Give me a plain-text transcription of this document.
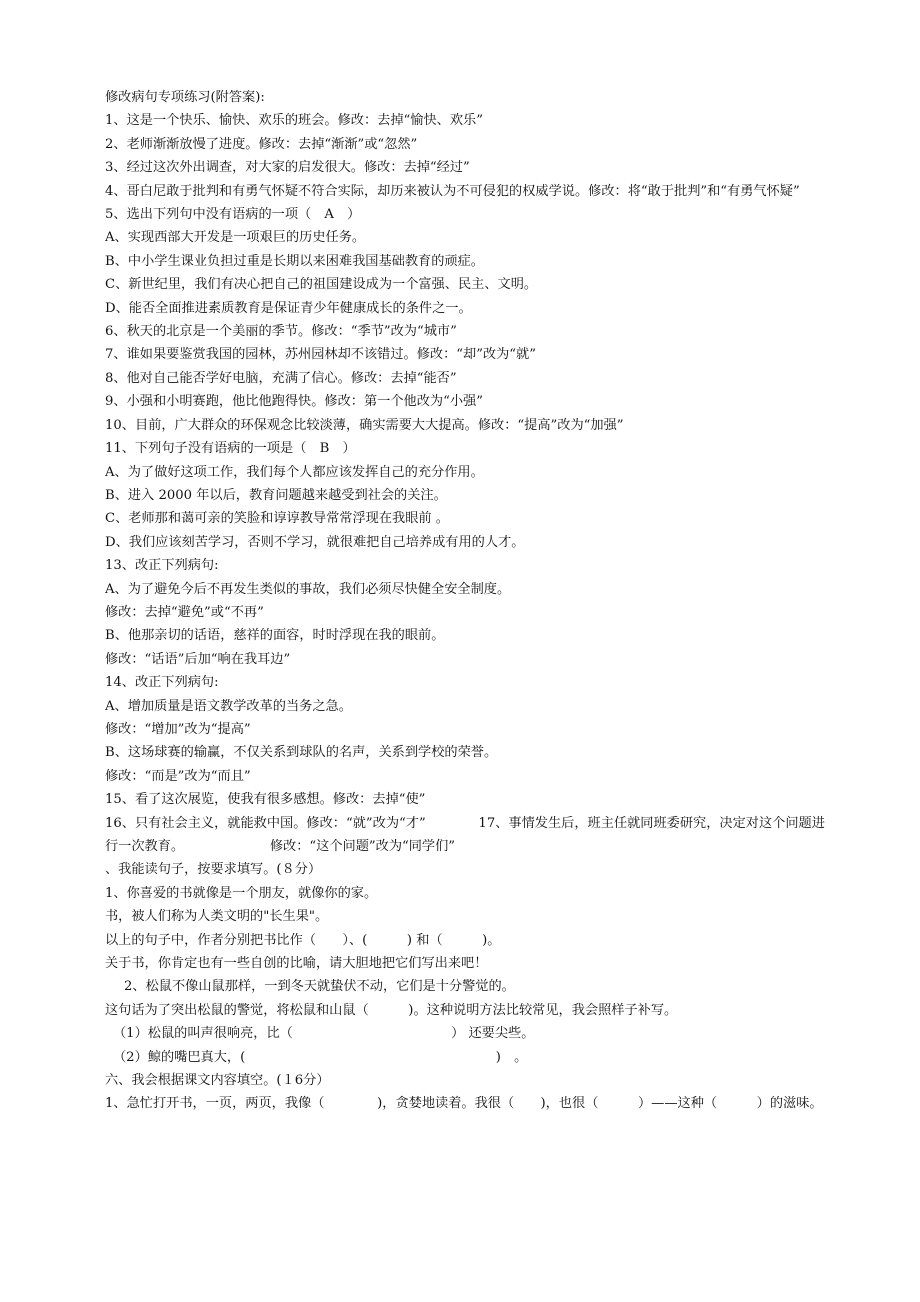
修改病句专项练习(附答案):

1、这是一个快乐、愉快、欢乐的班会。修改：去掉“愉快、欢乐”

2、老师渐渐放慢了进度。修改：去掉“渐渐”或“忽然”

3、经过这次外出调查，对大家的启发很大。修改：去掉“经过”

4、哥白尼敢于批判和有勇气怀疑不符合实际，却历来被认为不可侵犯的权威学说。修改：将“敢于批判”和“有勇气怀疑”

5、选出下列句中没有语病的一项（　A　）

A、实现西部大开发是一项艰巨的历史任务。

B、中小学生课业负担过重是长期以来困难我国基础教育的顽症。

C、新世纪里，我们有决心把自己的祖国建设成为一个富强、民主、文明。

D、能否全面推进素质教育是保证青少年健康成长的条件之一。

6、秋天的北京是一个美丽的季节。修改：“季节”改为“城市”

7、谁如果要鉴赏我国的园林，苏州园林却不该错过。修改：“却”改为“就”

8、他对自己能否学好电脑，充满了信心。修改：去掉“能否”

9、小强和小明赛跑，他比他跑得快。修改：第一个他改为“小强”

10、目前，广大群众的环保观念比较淡薄，确实需要大大提高。修改：“提高”改为“加强”

11、下列句子没有语病的一项是（　B　）

A、为了做好这项工作，我们每个人都应该发挥自己的充分作用。

B、进入 2000 年以后，教育问题越来越受到社会的关注。

C、老师那和蔼可亲的笑脸和谆谆教导常常浮现在我眼前 。

D、我们应该刻苦学习，否则不学习，就很难把自己培养成有用的人才。

13、改正下列病句:

A、为了避免今后不再发生类似的事故，我们必须尽快健全安全制度。

修改：去掉“避免”或“不再”

B、他那亲切的话语，慈祥的面容，时时浮现在我的眼前。

修改：“话语”后加“响在我耳边”

14、改正下列病句:

A、增加质量是语文教学改革的当务之急。

修改：“增加”改为“提高”

B、这场球赛的输赢，不仅关系到球队的名声，关系到学校的荣誉。

修改：“而是”改为“而且”

15、看了这次展览，使我有很多感想。修改：去掉“使”

16、只有社会主义，就能救中国。修改：“就”改为“才”　　　　17、事情发生后，班主任就同班委研究，决定对这个问题进行一次教育。　　　　　　　修改：“这个问题”改为“同学们”

、我能读句子，按要求填写。(８分）

1、你喜爱的书就像是一个朋友，就像你的家。

书，被人们称为人类文明的"长生果"。

以上的句子中，作者分别把书比作（　　）、(　　　) 和（　　　)。

关于书，你肯定也有一些自创的比喻，请大胆地把它们写出来吧！

2、松鼠不像山鼠那样，一到冬天就蛰伏不动，它们是十分警觉的。

这句话为了突出松鼠的警觉，将松鼠和山鼠（　　　)。这种说明方法比较常见，我会照样子补写。

（1）松鼠的叫声很响亮，比（　　　　　　　　　　　　） 还要尖些。

（2）鲸的嘴巴真大，(　　　　　　　　　　　　　　　　　　　)　。

六、我会根据课文内容填空。(１6分）

1、急忙打开书，一页，两页，我像（　　　　)，贪婪地读着。我很（　　)，也很（　　　）——这种（　　　）的滋味。
